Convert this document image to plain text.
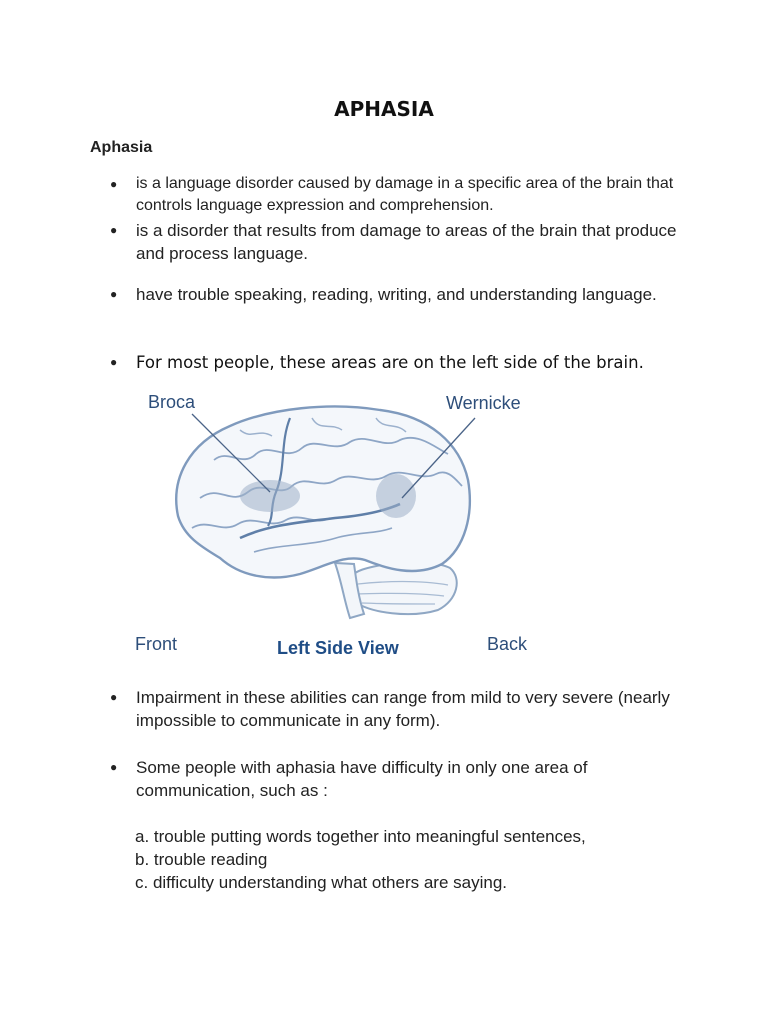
APHASIA
Aphasia
●	is a language disorder caused by damage in a specific area of the brain that controls language expression and comprehension.
●	is a disorder that results from damage to areas of the brain that produce and process language.
●	have trouble speaking, reading, writing, and understanding language.
●	For most people, these areas are on the left side of the brain.
Broca	Wernicke
Front	Back
Left Side View
●	Impairment in these abilities can range from mild to very severe (nearly impossible to communicate in any form).
●	Some people with aphasia have difficulty in only one area of communication, such as :
a. trouble putting words together into meaningful sentences,
b. trouble reading
c. difficulty understanding what others are saying.
